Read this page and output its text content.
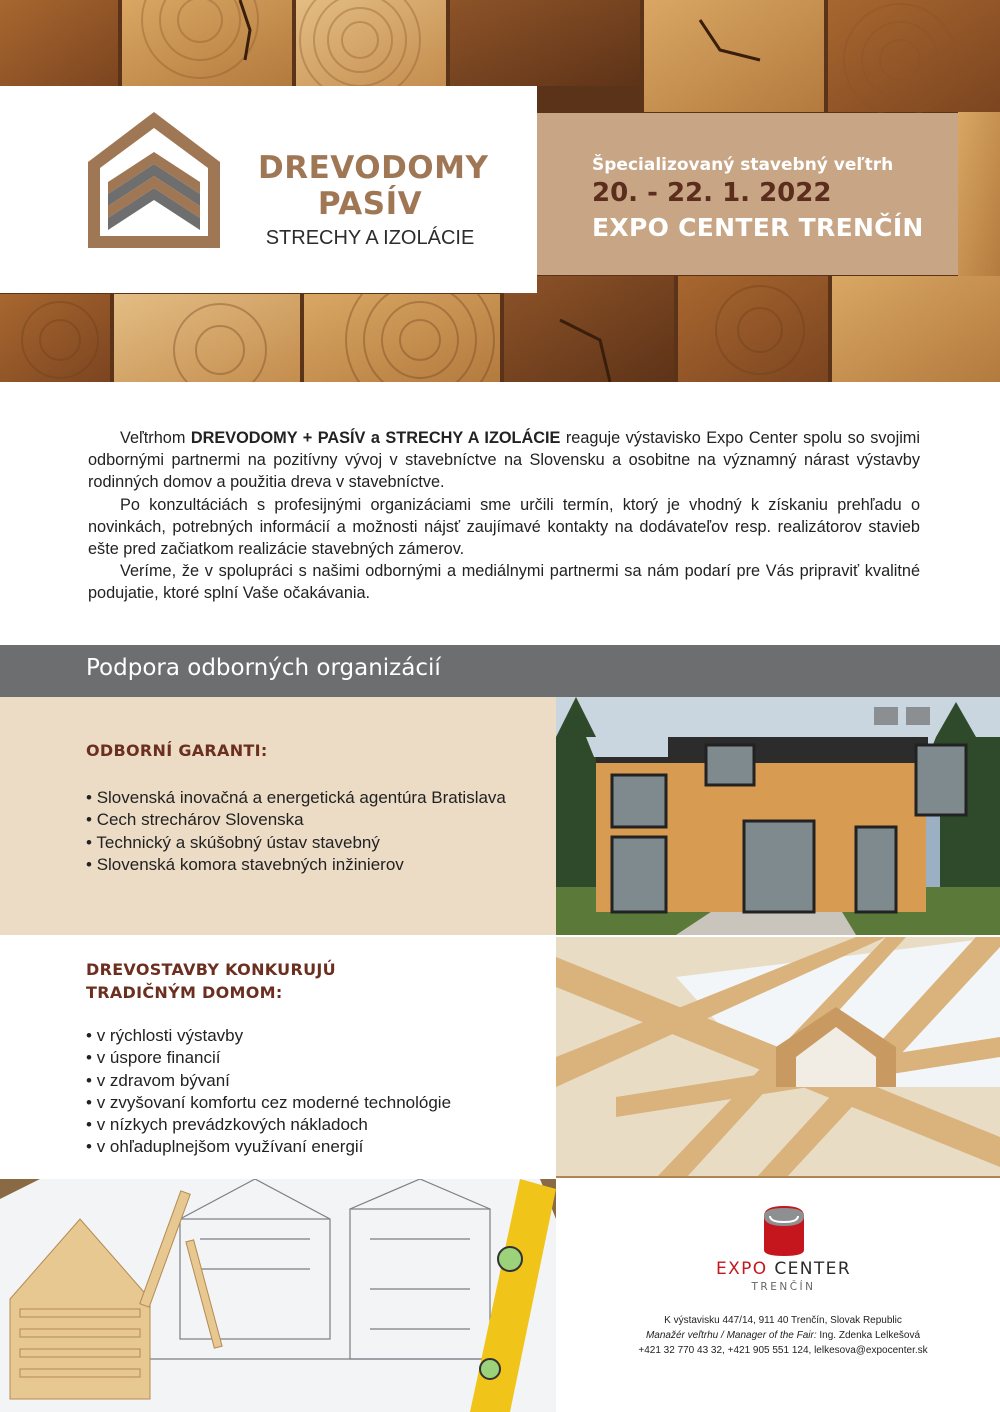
DREVODOMY
PASÍV
STRECHY A IZOLÁCIE
Špecializovaný stavebný veľtrh
20. - 22. 1. 2022
EXPO CENTER TRENČÍN

Veľtrhom DREVODOMY + PASÍV a STRECHY A IZOLÁCIE reaguje výstavisko Expo Center spolu so svojimi odbornými partnermi na pozitívny vývoj v stavebníctve na Slovensku a osobitne na významný nárast výstavby rodinných domov a použitia dreva v stavebníctve.

Po konzultáciách s profesijnými organizáciami sme určili termín, ktorý je vhodný k získaniu prehľadu o novinkách, potrebných informácií a možnosti nájsť zaujímavé kontakty na dodávateľov resp. realizátorov stavieb ešte pred začiatkom realizácie stavebných zámerov.

Veríme, že v spolupráci s našimi odbornými a mediálnymi partnermi sa nám podarí pre Vás pripraviť kvalitné podujatie, ktoré splní Vaše očakávania.

Podpora odborných organizácií
ODBORNÍ GARANTI:
• Slovenská inovačná a energetická agentúra Bratislava
• Cech strechárov Slovenska
• Technický a skúšobný ústav stavebný
• Slovenská komora stavebných inžinierov
DREVOSTAVBY KONKURUJÚ
TRADIČNÝM DOMOM:
• v rýchlosti výstavby
• v úspore financií
• v zdravom bývaní
• v zvyšovaní komfortu cez moderné technológie
• v nízkych prevádzkových nákladoch
• v ohľaduplnejšom využívaní energií
EXPO CENTER
TRENČÍN
K výstavisku 447/14, 911 40 Trenčín, Slovak Republic
Manažér veľtrhu / Manager of the Fair: Ing. Zdenka Lelkešová
+421 32 770 43 32, +421 905 551 124, lelkesova@expocenter.sk
